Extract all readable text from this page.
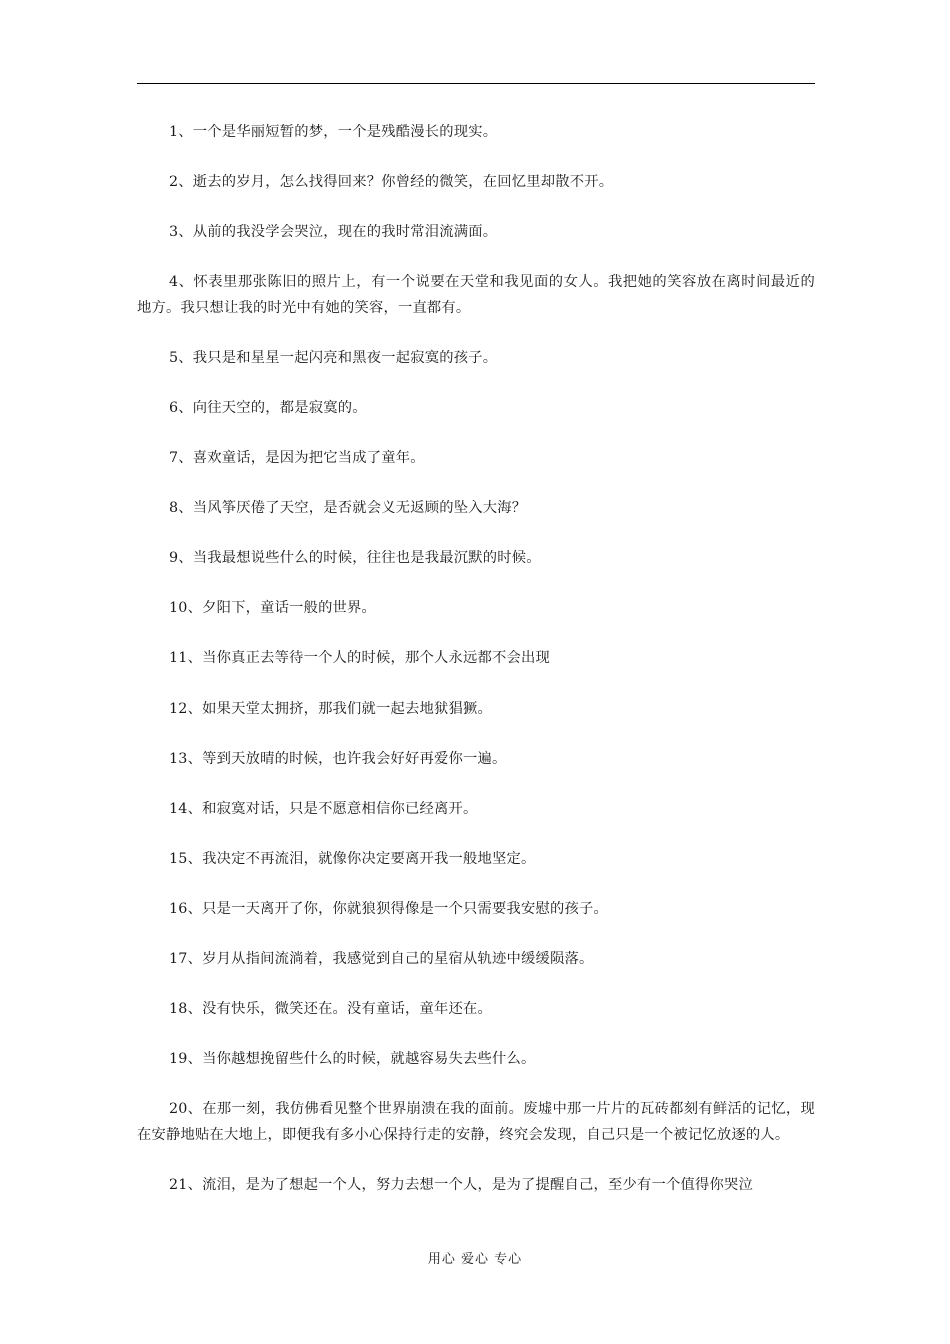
1、一个是华丽短暂的梦，一个是残酷漫长的现实。

2、逝去的岁月，怎么找得回来？你曾经的微笑，在回忆里却散不开。

3、从前的我没学会哭泣，现在的我时常泪流满面。

4、怀表里那张陈旧的照片上，有一个说要在天堂和我见面的女人。我把她的笑容放在离时间最近的地方。我只想让我的时光中有她的笑容，一直都有。

5、我只是和星星一起闪亮和黑夜一起寂寞的孩子。

6、向往天空的，都是寂寞的。

7、喜欢童话，是因为把它当成了童年。

8、当风筝厌倦了天空，是否就会义无返顾的坠入大海？

9、当我最想说些什么的时候，往往也是我最沉默的时候。

10、夕阳下，童话一般的世界。

11、当你真正去等待一个人的时候，那个人永远都不会出现

12、如果天堂太拥挤，那我们就一起去地狱猖獗。

13、等到天放晴的时候，也许我会好好再爱你一遍。

14、和寂寞对话，只是不愿意相信你已经离开。

15、我决定不再流泪，就像你决定要离开我一般地坚定。

16、只是一天离开了你，你就狼狈得像是一个只需要我安慰的孩子。

17、岁月从指间流淌着，我感觉到自己的星宿从轨迹中缓缓陨落。

18、没有快乐，微笑还在。没有童话，童年还在。

19、当你越想挽留些什么的时候，就越容易失去些什么。

20、在那一刻，我仿佛看见整个世界崩溃在我的面前。废墟中那一片片的瓦砖都刻有鲜活的记忆，现在安静地贴在大地上，即便我有多小心保持行走的安静，终究会发现，自己只是一个被记忆放逐的人。

21、流泪，是为了想起一个人，努力去想一个人，是为了提醒自己，至少有一个值得你哭泣

用心 爱心 专心
